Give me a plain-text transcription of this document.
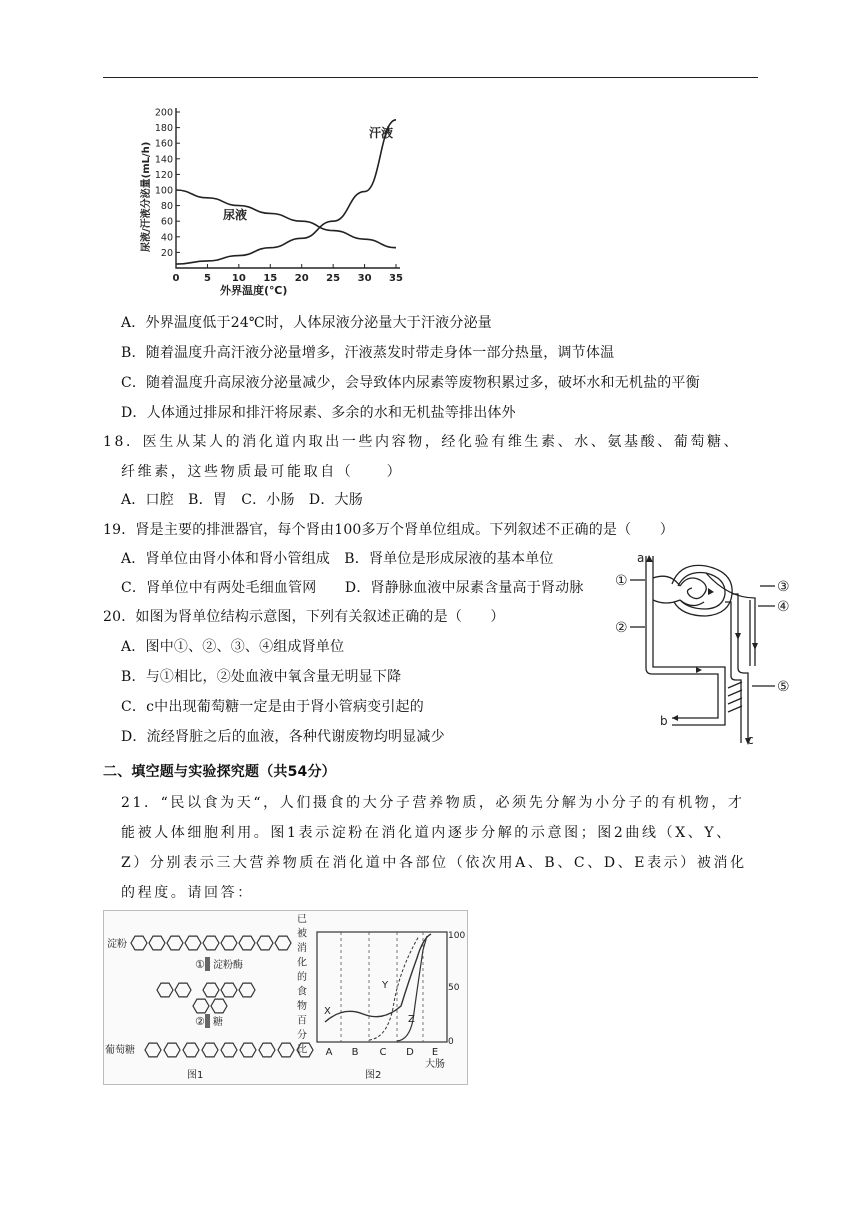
20
40
60
80
100
120
140
160
180
200
0 5 10 15 20 25 30 35
汗液
尿液
外界温度(℃)
尿液/汗液分泌量(mL/h)
A．外界温度低于24℃时，人体尿液分泌量大于汗液分泌量
B．随着温度升高汗液分泌量增多，汗液蒸发时带走身体一部分热量，调节体温
C．随着温度升高尿液分泌量减少，会导致体内尿素等废物积累过多，破坏水和无机盐的平衡
D．人体通过排尿和排汗将尿素、多余的水和无机盐等排出体外
18．医生从某人的消化道内取出一些内容物，经化验有维生素、水、氨基酸、葡萄糖、
纤维素，这些物质最可能取自（　　）
A．口腔　B．胃　C．小肠　D．大肠
19．肾是主要的排泄器官，每个肾由100多万个肾单位组成。下列叙述不正确的是（　　）
A．肾单位由肾小体和肾小管组成　B．肾单位是形成尿液的基本单位
C．肾单位中有两处毛细血管网　　D．肾静脉血液中尿素含量高于肾动脉
20．如图为肾单位结构示意图，下列有关叙述正确的是（　　）
A．图中①、②、③、④组成肾单位
B．与①相比，②处血液中氧含量无明显下降
C．c中出现葡萄糖一定是由于肾小管病变引起的
D．流经肾脏之后的血液，各种代谢废物均明显减少
a
①
②
③
④
⑤
b
c
二、填空题与实验探究题（共54分）
21．“民以食为天“，人们摄食的大分子营养物质，必须先分解为小分子的有机物，才
能被人体细胞利用。图1表示淀粉在消化道内逐步分解的示意图；图2曲线（X、Y、
Z）分别表示三大营养物质在消化道中各部位（依次用A、B、C、D、E表示）被消化
的程度。请回答：
淀粉
① 淀粉酶
② 糖
葡萄糖
图1
已被消化的食物百分比
100
50
0
A B C D E
大肠
X
Y
Z
图2
